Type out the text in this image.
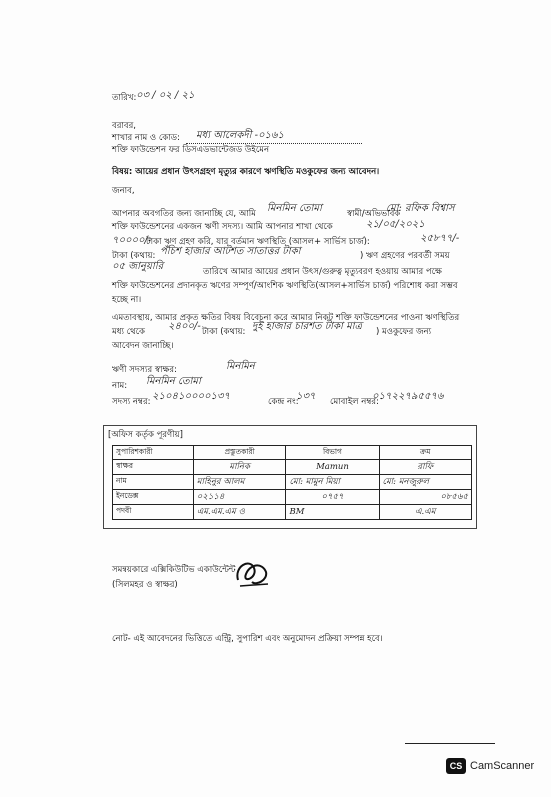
তারিখ: ০৩ / ০২ / ২১
বরাবর,
শাখার নাম ও কোড: মধ্য আলেকদী -০১৬১
শক্তি ফাউন্ডেশন ফর ডিসএডভান্টেজড উইমেন
বিষয়: আয়ের প্রধান উৎসগ্রহণ মৃত্যুর কারণে ঋণস্থিতি মওকুফের জন্য আবেদন।
জনাব,
আপনার অবগতির জন্য জানাচ্ছি যে, আমি মিনমিন তোমা	স্বামী/অভিভাবক
মো: রফিক বিশ্বাস
শক্তি ফাউন্ডেশনের একজন ঋণী সদস্য। আমি আপনার শাখা থেকে	২১/০৫/২০২১
৭০০০০/-
টাকা ঋণ গ্রহণ করি, যার বর্তমান ঋণস্থিতি (আসল+ সার্ভিস চার্জ):	২৫৮৭৭/-
টাকা (কথায়: পঁচিশ হাজার আটশত সাতাত্তর টাকা	) ঋণ গ্রহণের পরবর্তী সময়
০৫ জানুয়ারি	তারিখে আমার আয়ের প্রধান উৎস/গুরুত্ব মৃত্যুবরণ হওয়ায় আমার পক্ষে
শক্তি ফাউন্ডেশনের প্রদানকৃত ঋণের সম্পূর্ণ/আংশিক ঋণস্থিতি(আসল+সার্ভিস চার্জ) পরিশোধ করা সম্ভব
হচ্ছে না।
এমতাবস্থায়, আমার প্রকৃত ক্ষতির বিষয় বিবেচনা করে আমার নিকট শক্তি ফাউন্ডেশনের পাওনা ঋণস্থিতির
মধ্য থেকে ২৪০০/- টাকা (কথায়: দুই হাজার চারশত টাকা মাত্র ) মওকুফের জন্য
আবেদন জানাচ্ছি।
ঋণী সদস্যর স্বাক্ষর:	মিনমিন
নাম: মিনমিন তোমা
সদস্য নম্বর: ২১০৪১০০০০১৩৭	কেন্দ্র নং:
১৩৭ মোবাইল নম্বর:
০১৭২২৭৯৫৫৭৬
[অফিস কর্তৃক পূরণীয়]
সুপারিশকারী	প্রস্তুতকারী	বিভাগ	ক্রম
স্বাক্ষর	মানিক	Mamun	রাফি
নাম	মাহিনুর আলম	মো: মামুন মিয়া	মো: মনজুরুল
ইনডেক্স	০২১১৪	০৭৫৭	০৮৫৬৫
পদবী	এম.এম.এম ও	BM	এ.এম
সমন্বয়কারে এক্সিকিউটিভ একাউন্টেন্ট
(সিলমহর ও স্বাক্ষর)
নোট- এই আবেদনের ভিত্তিতে এন্ট্রি, সুপারিশ এবং অনুমোদন প্রক্রিয়া সম্পন্ন হবে।
CS CamScanner
